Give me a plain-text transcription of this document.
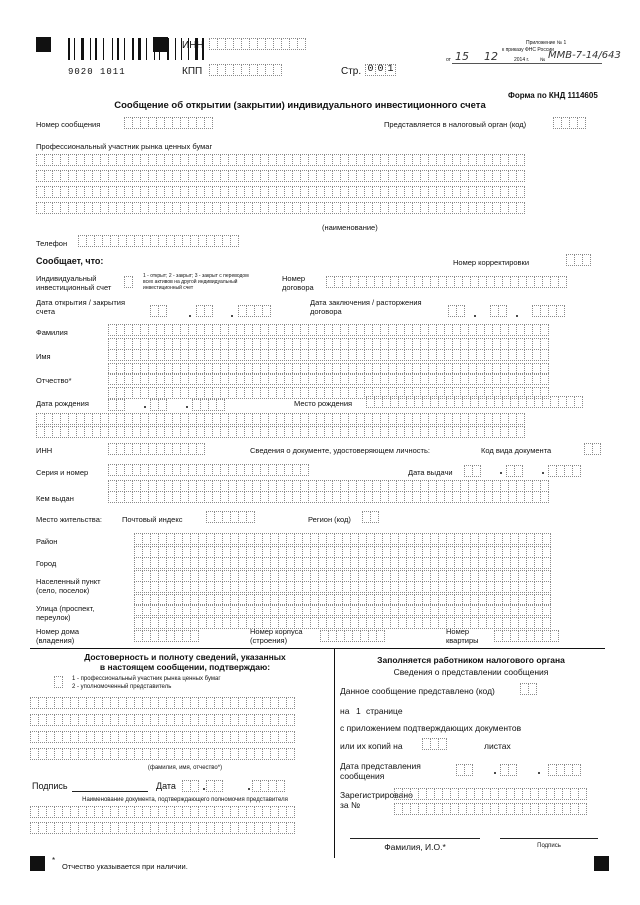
9020 1011
ИНН
КПП	Стр. 0 0 1
Приложение № 1
к приказу ФНС России
от 15 12	2014 г. № ММВ-7-14/643
Форма по КНД 1114605
Сообщение об открытии (закрытии) индивидуального инвестиционного счета
Номер сообщения	Представляется в налоговый орган (код)
Профессиональный участник рынка ценных бумаг
(наименование)
Телефон
Сообщает, что:	Номер корректировки
Индивидуальный
инвестиционный счет
1 - открыт; 2 - закрыт; 3 - закрыт с переводом
всех активов на другой индивидуальный
инвестиционный счет
Номер
договора
Дата открытия / закрытия
счета
Дата заключения / расторжения
договора
Фамилия
Имя
Отчество*
Дата рождения	Место рождения
ИНН	Сведения о документе, удостоверяющем личность:	Код вида документа
Серия и номер	Дата выдачи
Кем выдан
Место жительства:	Почтовый индекс	Регион (код)
Район
Город
Населенный пункт
(село, поселок)
Улица (проспект,
переулок)
Номер дома
(владения)
Номер корпуса
(строения)
Номер
квартиры
Достоверность и полноту сведений, указанных
в настоящем сообщении, подтверждаю:
1 - профессиональный участник рынка ценных бумаг
2 - уполномоченный представитель
(фамилия, имя, отчество*)
Подпись	Дата
Наименование документа, подтверждающего полномочия представителя
Заполняется работником налогового органа
Сведения о представлении сообщения
Данное сообщение представлено (код)
на 1 странице
с приложением подтверждающих документов
или их копий на	листах
Дата представления
сообщения
Зарегистрировано
за №
Фамилия, И.О.*	Подпись
*
Отчество указывается при наличии.
